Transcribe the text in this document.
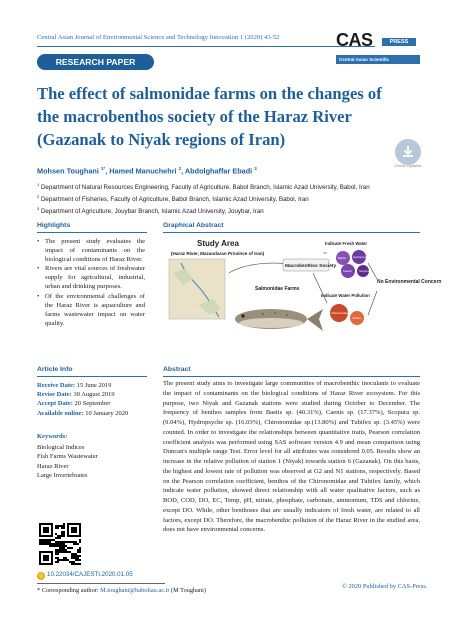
Central Asian Journal of Environmental Science and Technology Innovation 1 (2020) 43-52
RESEARCH PAPER
CAS	PRESS
Central Asian Scientific
The effect of salmonidae farms on the changes of the macrobenthos society of the Haraz River (Gazanak to Niyak regions of Iran)
Check Updates
Mohsen Toughani $^{1*}$, Hamed Manuchehri $^2$, Abdolghaffar Ebadi $^3$
$^1$ Department of Natural Resources Engineering, Faculty of Agriculture, Babol Branch, Islamic Azad University, Babol, Iran
$^2$ Department of Fisheries, Faculty of Agriculture, Babol Branch, Islamic Azad University, Babol, Iran
$^3$ Department of Agriculture, Jouybar Branch, Islamic Azad University, Jouybar, Iran
Highlights	Graphical Abstract
• The present study evaluates the impact of contaminants on the biological conditions of Haraz River.
• Rivers are vital sources of freshwater supply for agricultural, industrial, urban and drinking purposes.
• Of the environmental challenges of the Haraz River is aquaculture and farms wastewater impact on water quality.
Study Area
(Haraz River, Mazandaran Province of Iran)
Salmonidae Farms
Macrobenthos Society
Indicate Fresh Water
Baetis	Hydropsyche
Caenis	Scopura
Indicate Water Pollution
Chironomidae
Tubifex
No Environmental Concern
Article Info	Abstract
Receive Date: 15 June 2019
Revise Date: 30 August 2019
Accept Date: 20 September
Available online: 10 January 2020
Keywords:
Biological Indices
Fish Farms Wastewater
Haraz River
Large Invertebrates

The present study aims to investigate large communities of macrobenthic inoculants to evaluate the impact of contaminants on the biological conditions of Haraz River ecosystem. For this purpose, two Niyak and Gazanak stations were studied during October to December. The frequency of benthos samples from Baetis sp. (40.31%), Caenis sp. (17.37%), Scopura sp. (9.04%), Hydropsyche sp. (16.03%), Chironomidae sp.(13.80%) and Tubifex sp. (3.45%) were counted. In order to investigate the relationships between quantitative traits, Pearson correlation coefficient analysis was performed using SAS software version 4.9 and mean comparison using Duncan's multiple range Test. Error level for all attributes was considered 0.05. Results show an increase in the relative pollution of station 1 (Niyak) towards station 6 (Gazanak). On this basis, the highest and lowest rate of pollution was observed at G2 and N1 stations, respectively. Based on the Pearson correlation coefficient, benthos of the Chironomidae and Tubifex family, which indicate water pollution, showed direct relationship with all water qualitative factors, such as BOD, COD, DO, EC, Temp, pH, nitrate, phosphate, carbonate, ammonium, TDS and chlorine, except DO. While, other benthoses that are usually indicators of fresh water, are related to all factors, except DO. Therefore, the macrobenthic pollution of the Haraz River in the studied area, does not have environmental concerns.

© 2020 Published by CAS-Press.
◎ 10.22034/CAJESTI.2020.01.05
* Corresponding author: M.toughani@baboliau.ac.ir (M Toughani)
